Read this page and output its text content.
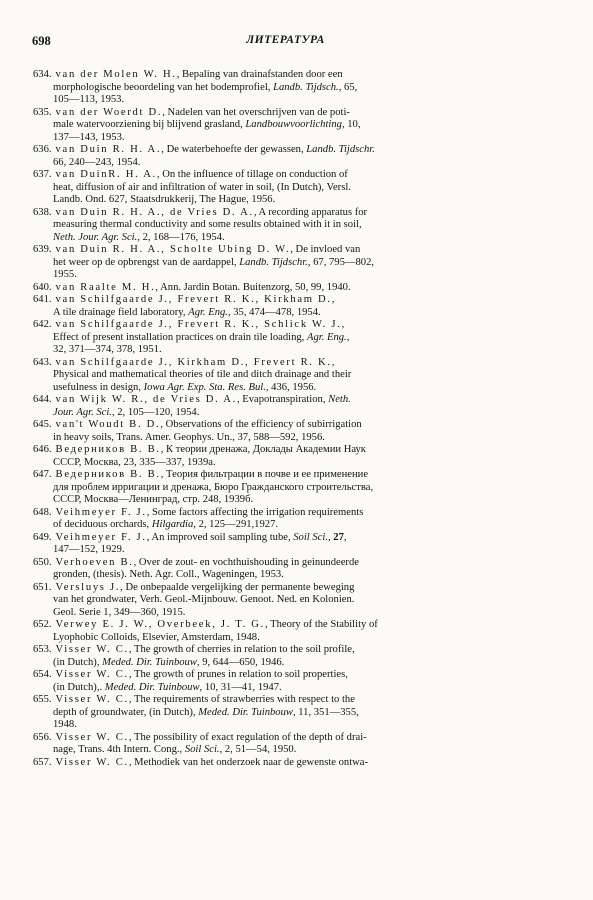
698	ЛИТЕРАТУРА
634. van der Molen W. H., Bepaling van drainafstanden door een
morphologische beoordeling van het bodemprofiel, Landb. Tijdsch., 65,
105—113, 1953.
635. van der Woerdt D., Nadelen van het overschrijven van de poti-
male watervoorziening bij blijvend grasland, Landbouwvoorlichting, 10,
137—143, 1953.
636. van Duin R. H. A., De waterbehoefte der gewassen, Landb. Tijdschr.
66, 240—243, 1954.
637. van DuinR. H. A., On the influence of tillage on conduction of
heat, diffusion of air and infiltration of water in soil, (In Dutch), Versl.
Landb. Ond. 627, Staatsdrukkerij, The Hague, 1956.
638. van Duin R. H. A., de Vries D. A., A recording apparatus for
measuring thermal conductivity and some results obtained with it in soil,
Neth. Jour. Agr. Sci., 2, 168—176, 1954.
639. van Duin R. H. A., Scholte Ubing D. W., De invloed van
het weer op de opbrengst van de aardappel, Landb. Tijdschr., 67, 795—802,
1955.
640. van Raalte M. H., Ann. Jardin Botan. Buitenzorg, 50, 99, 1940.
641. van Schilfgaarde J., Frevert R. K., Kirkham D.,
A tile drainage field laboratory, Agr. Eng., 35, 474—478, 1954.
642. van Schilfgaarde J., Frevert R. K., Schlick W. J.,
Effect of present installation practices on drain tile loading, Agr. Eng.,
32, 371—374, 378, 1951.
643. van Schilfgaarde J., Kirkham D., Frevert R. K.,
Physical and mathematical theories of tile and ditch drainage and their
usefulness in design, Iowa Agr. Exp. Sta. Res. Bul., 436, 1956.
644. van Wijk W. R., de Vries D. A., Evapotranspiration, Neth.
Jour. Agr. Sci., 2, 105—120, 1954.
645. van't Woudt B. D., Observations of the efficiency of subirrigation
in heavy soils, Trans. Amer. Geophys. Un., 37, 588—592, 1956.
646. Ведерников В. В., К теории дренажа, Доклады Академии Наук
СССР, Москва, 23, 335—337, 1939а.
647. Ведерников В. В., Теория фильтрации в почве и ее применение
для проблем ирригации и дренажа, Бюро Гражданского строительства,
СССР, Москва—Ленинград, стр. 248, 1939б.
648. Veihmeyer F. J., Some factors affecting the irrigation requirements
of deciduous orchards, Hilgardia, 2, 125—291,1927.
649. Veihmeyer F. J., An improved soil sampling tube, Soil Sci., 27,
147—152, 1929.
650. Verhoeven B., Over de zout- en vochthuishouding in geinundeerde
gronden, (thesis). Neth. Agr. Coll., Wageningen, 1953.
651. Versluys J., De onbepaalde vergelijking der permanente beweging
van het grondwater, Verh. Geol.-Mijnbouw. Genoot. Ned. en Kolonien.
Geol. Serie 1, 349—360, 1915.
652. Verwey E. J. W., Overbeek, J. T. G., Theory of the Stability of
Lyophobic Colloids, Elsevier, Amsterdam, 1948.
653. Visser W. C., The growth of cherries in relation to the soil profile,
(in Dutch), Meded. Dir. Tuinbouw, 9, 644—650, 1946.
654. Visser W. C., The growth of prunes in relation to soil properties,
(in Dutch),. Meded. Dir. Tuinbouw, 10, 31—41, 1947.
655. Visser W. C., The requirements of strawberries with respect to the
depth of groundwater, (in Dutch), Meded. Dir. Tuinbouw, 11, 351—355,
1948.
656. Visser W. C., The possibility of exact regulation of the depth of drai-
nage, Trans. 4th Intern. Cong., Soil Sci., 2, 51—54, 1950.
657. Visser W. C., Methodiek van het onderzoek naar de gewenste ontwa-
